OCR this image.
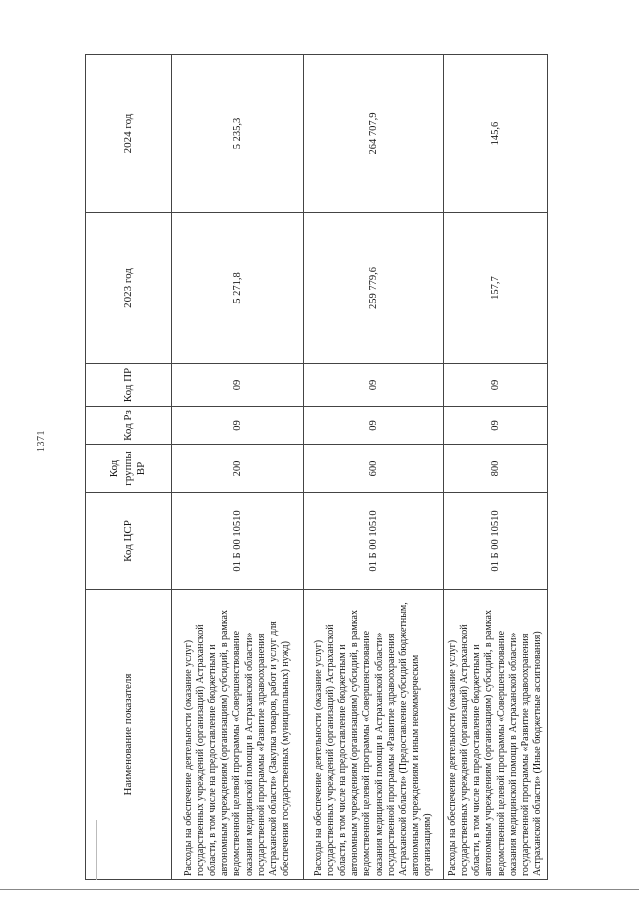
1371
Наименование показателя	Код ЦСР	Код группы ВР	Код Рз	Код ПР	2023 год	2024 год
Расходы на обеспечение деятельности (оказание услуг) государственных учреждений (организаций) Астраханской области, в том числе на предоставление бюджетным и автономным учреждениям (организациям) субсидий, в рамках ведомственной целевой программы «Совершенствование оказания медицинской помощи в Астраханской области» государственной программы «Развитие здравоохранения Астраханской области» (Закупка товаров, работ и услуг для обеспечения государственных (муниципальных) нужд)	01 Б 00 10510	200	09	09	5 271,8	5 235,3
Расходы на обеспечение деятельности (оказание услуг) государственных учреждений (организаций) Астраханской области, в том числе на предоставление бюджетным и автономным учреждениям (организациям) субсидий, в рамках ведомственной целевой программы «Совершенствование оказания медицинской помощи в Астраханской области» государственной программы «Развитие здравоохранения Астраханской области» (Предоставление субсидий бюджетным, автономным учреждениям и иным некоммерческим организациям)	01 Б 00 10510	600	09	09	259 779,6	264 707,9
Расходы на обеспечение деятельности (оказание услуг) государственных учреждений (организаций) Астраханской области, в том числе на предоставление бюджетным и автономным учреждениям (организациям) субсидий, в рамках ведомственной целевой программы «Совершенствование оказания медицинской помощи в Астраханской области» государственной программы «Развитие здравоохранения Астраханской области» (Иные бюджетные ассигнования)	01 Б 00 10510	800	09	09	157,7	145,6
